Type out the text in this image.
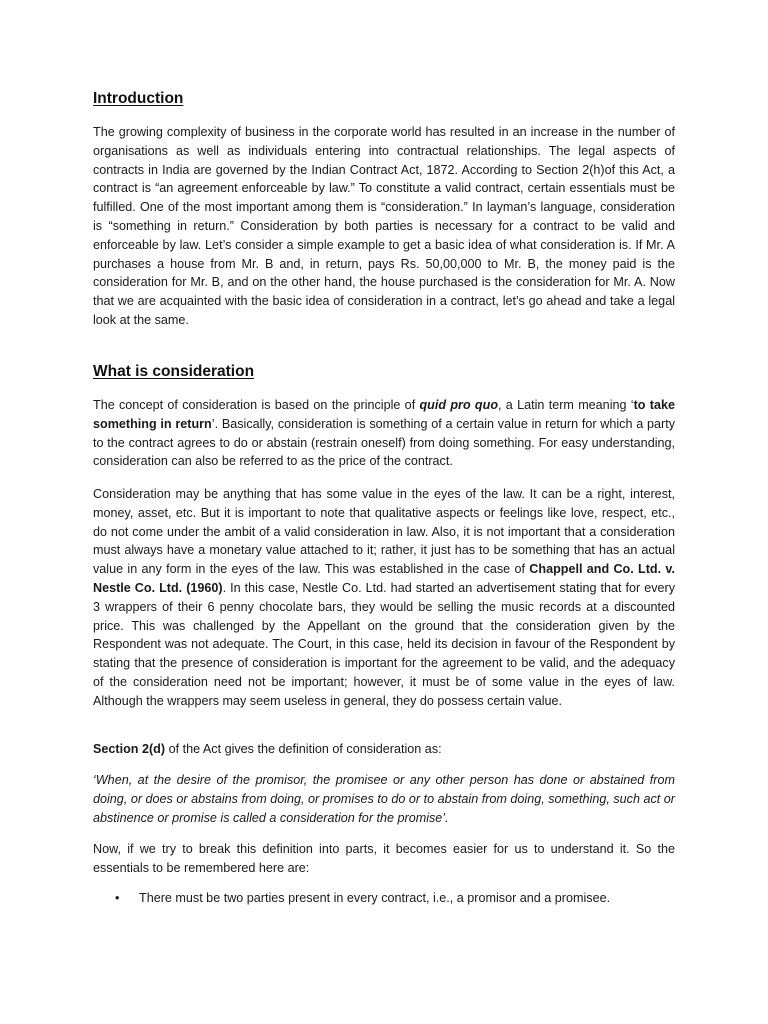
Introduction

The growing complexity of business in the corporate world has resulted in an increase in the number of organisations as well as individuals entering into contractual relationships. The legal aspects of contracts in India are governed by the Indian Contract Act, 1872. According to Section 2(h)of this Act, a contract is “an agreement enforceable by law.” To constitute a valid contract, certain essentials must be fulfilled. One of the most important among them is “consideration.” In layman’s language, consideration is “something in return.” Consideration by both parties is necessary for a contract to be valid and enforceable by law. Let’s consider a simple example to get a basic idea of what consideration is. If Mr. A purchases a house from Mr. B and, in return, pays Rs. 50,00,000 to Mr. B, the money paid is the consideration for Mr. B, and on the other hand, the house purchased is the consideration for Mr. A. Now that we are acquainted with the basic idea of consideration in a contract, let’s go ahead and take a legal look at the same.

What is consideration

The concept of consideration is based on the principle of quid pro quo, a Latin term meaning ‘to take something in return’. Basically, consideration is something of a certain value in return for which a party to the contract agrees to do or abstain (restrain oneself) from doing something. For easy understanding, consideration can also be referred to as the price of the contract.

Consideration may be anything that has some value in the eyes of the law. It can be a right, interest, money, asset, etc. But it is important to note that qualitative aspects or feelings like love, respect, etc., do not come under the ambit of a valid consideration in law. Also, it is not important that a consideration must always have a monetary value attached to it; rather, it just has to be something that has an actual value in any form in the eyes of the law. This was established in the case of Chappell and Co. Ltd. v. Nestle Co. Ltd. (1960). In this case, Nestle Co. Ltd. had started an advertisement stating that for every 3 wrappers of their 6 penny chocolate bars, they would be selling the music records at a discounted price. This was challenged by the Appellant on the ground that the consideration given by the Respondent was not adequate. The Court, in this case, held its decision in favour of the Respondent by stating that the presence of consideration is important for the agreement to be valid, and the adequacy of the consideration need not be important; however, it must be of some value in the eyes of law. Although the wrappers may seem useless in general, they do possess certain value.

Section 2(d) of the Act gives the definition of consideration as:

‘When, at the desire of the promisor, the promisee or any other person has done or abstained from doing, or does or abstains from doing, or promises to do or to abstain from doing, something, such act or abstinence or promise is called a consideration for the promise’.

Now, if we try to break this definition into parts, it becomes easier for us to understand it. So the essentials to be remembered here are:

• There must be two parties present in every contract, i.e., a promisor and a promisee.
